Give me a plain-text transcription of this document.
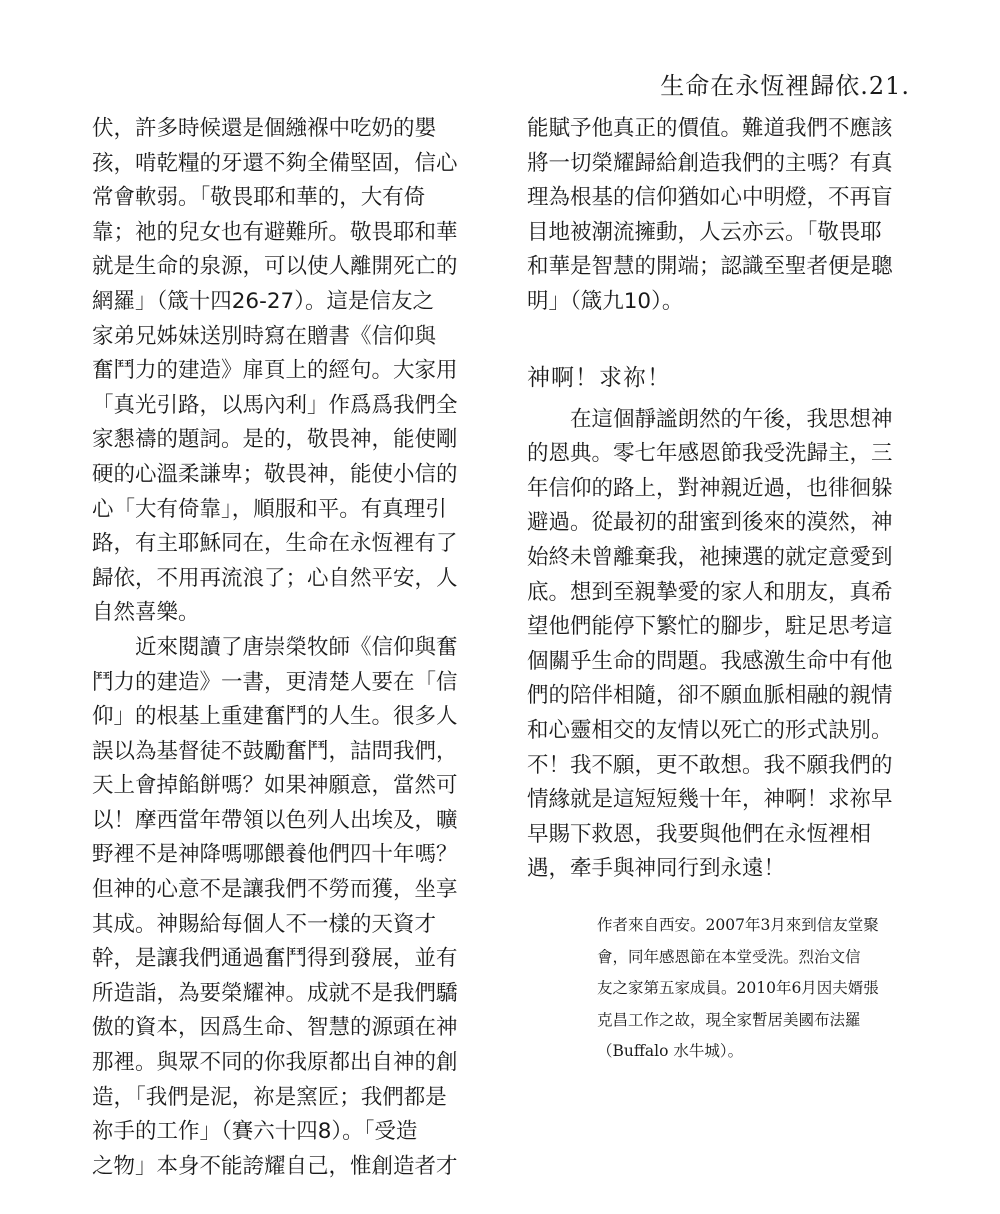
生命在永恆裡歸依.21.

伏，許多時候還是個繈褓中吃奶的嬰

孩，啃乾糧的牙還不夠全備堅固，信心

常會軟弱。「敬畏耶和華的，大有倚

靠；祂的兒女也有避難所。敬畏耶和華

就是生命的泉源，可以使人離開死亡的

網羅」（箴十四26-27）。這是信友之

家弟兄姊妹送別時寫在贈書《信仰與

奮鬥力的建造》扉頁上的經句。大家用

「真光引路，以馬內利」作爲爲我們全

家懇禱的題詞。是的，敬畏神，能使剛

硬的心溫柔謙卑；敬畏神，能使小信的

心「大有倚靠」，順服和平。有真理引

路，有主耶穌同在，生命在永恆裡有了

歸依，不用再流浪了；心自然平安，人

自然喜樂。

　　近來閱讀了唐崇榮牧師《信仰與奮

鬥力的建造》一書，更清楚人要在「信

仰」的根基上重建奮鬥的人生。很多人

誤以為基督徒不鼓勵奮鬥，詰問我們，

天上會掉餡餅嗎？如果神願意，當然可

以！摩西當年帶領以色列人出埃及，曠

野裡不是神降嗎哪餵養他們四十年嗎？

但神的心意不是讓我們不勞而獲，坐享

其成。神賜給每個人不一樣的天資才

幹，是讓我們通過奮鬥得到發展，並有

所造詣，為要榮耀神。成就不是我們驕

傲的資本，因爲生命、智慧的源頭在神

那裡。與眾不同的你我原都出自神的創

造，「我們是泥，祢是窯匠；我們都是

祢手的工作」（賽六十四8）。「受造

之物」本身不能誇耀自己，惟創造者才

能賦予他真正的價值。難道我們不應該

將一切榮耀歸給創造我們的主嗎？有真

理為根基的信仰猶如心中明燈，不再盲

目地被潮流擁動，人云亦云。「敬畏耶

和華是智慧的開端；認識至聖者便是聰

明」（箴九10）。

神啊！求祢！

　　在這個靜謐朗然的午後，我思想神

的恩典。零七年感恩節我受洗歸主，三

年信仰的路上，對神親近過，也徘徊躲

避過。從最初的甜蜜到後來的漠然，神

始終未曾離棄我，祂揀選的就定意愛到

底。想到至親摯愛的家人和朋友，真希

望他們能停下繁忙的腳步，駐足思考這

個關乎生命的問題。我感激生命中有他

們的陪伴相隨，卻不願血脈相融的親情

和心靈相交的友情以死亡的形式訣別。

不！我不願，更不敢想。我不願我們的

情緣就是這短短幾十年，神啊！求祢早

早賜下救恩，我要與他們在永恆裡相

遇，牽手與神同行到永遠！

作者來自西安。2007年3月來到信友堂聚

會，同年感恩節在本堂受洗。烈治文信

友之家第五家成員。2010年6月因夫婿張

克昌工作之故，現全家暫居美國布法羅

（Buffalo 水牛城）。
